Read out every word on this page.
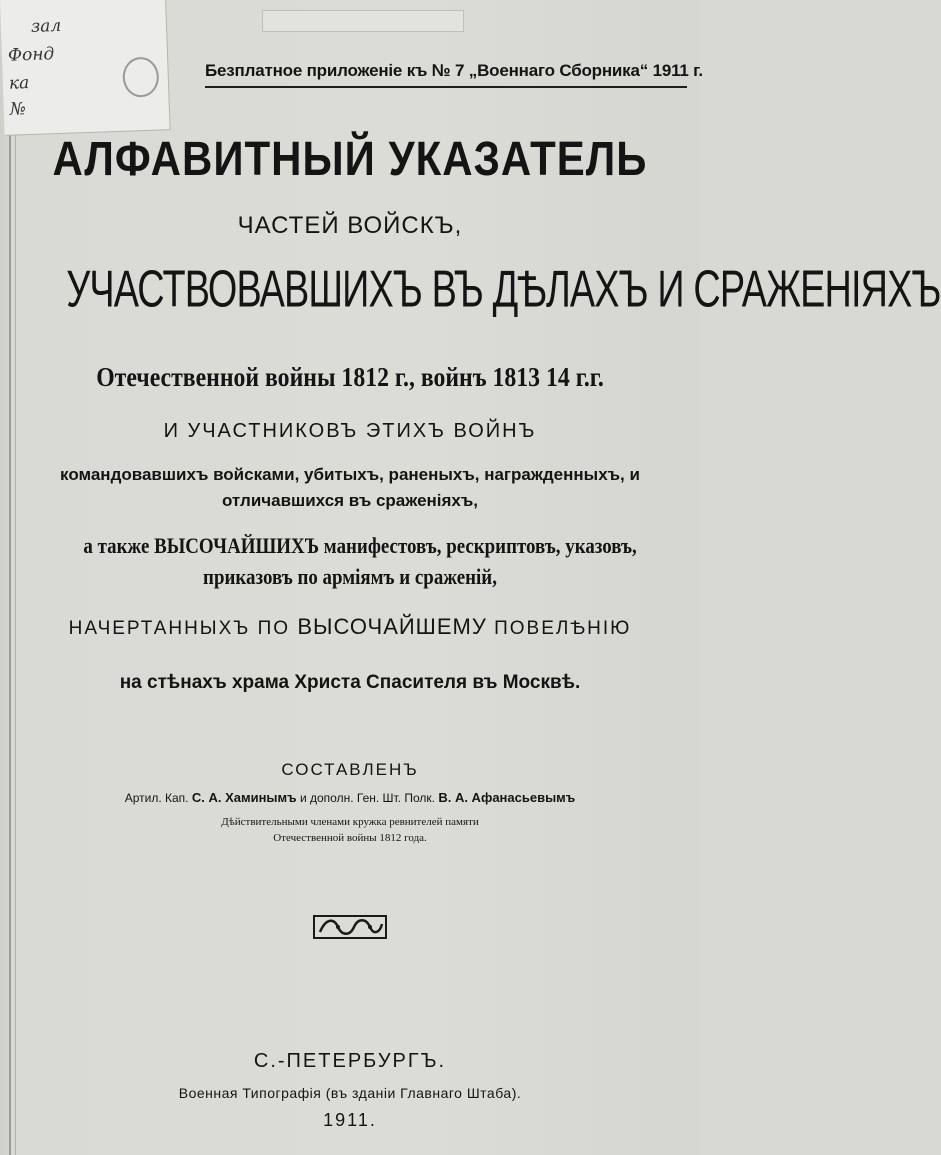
зал
Фонд
ка
№
Безплатное приложеніе къ № 7 „Военнаго Сборника“ 1911 г.
АЛФАВИТНЫЙ УКАЗАТЕЛЬ
ЧАСТЕЙ ВОЙСКЪ,
УЧАСТВОВАВШИХЪ ВЪ ДѢЛАХЪ И СРАЖЕНІЯХЪ
Отечественной войны 1812 г., войнъ 1813 14 г.г.
И УЧАСТНИКОВЪ ЭТИХЪ ВОЙНЪ
командовавшихъ войсками, убитыхъ, раненыхъ, награжденныхъ, и
отличавшихся въ сраженіяхъ,
а также ВЫСОЧАЙШИХЪ манифестовъ, рескриптовъ, указовъ,
приказовъ по арміямъ и сраженій,
НАЧЕРТАННЫХЪ ПО ВЫСОЧАЙШЕМУ ПОВЕЛѢНІЮ
на стѣнахъ храма Христа Спасителя въ Москвѣ.
СОСТАВЛЕНЪ
Артил. Кап. С. А. Хаминымъ и дополн. Ген. Шт. Полк. В. А. Афанасьевымъ
Дѣйствительными членами кружка ревнителей памяти
Отечественной войны 1812 года.
С.-ПЕТЕРБУРГЪ.
Военная Типографія (въ зданіи Главнаго Штаба).
1911.
